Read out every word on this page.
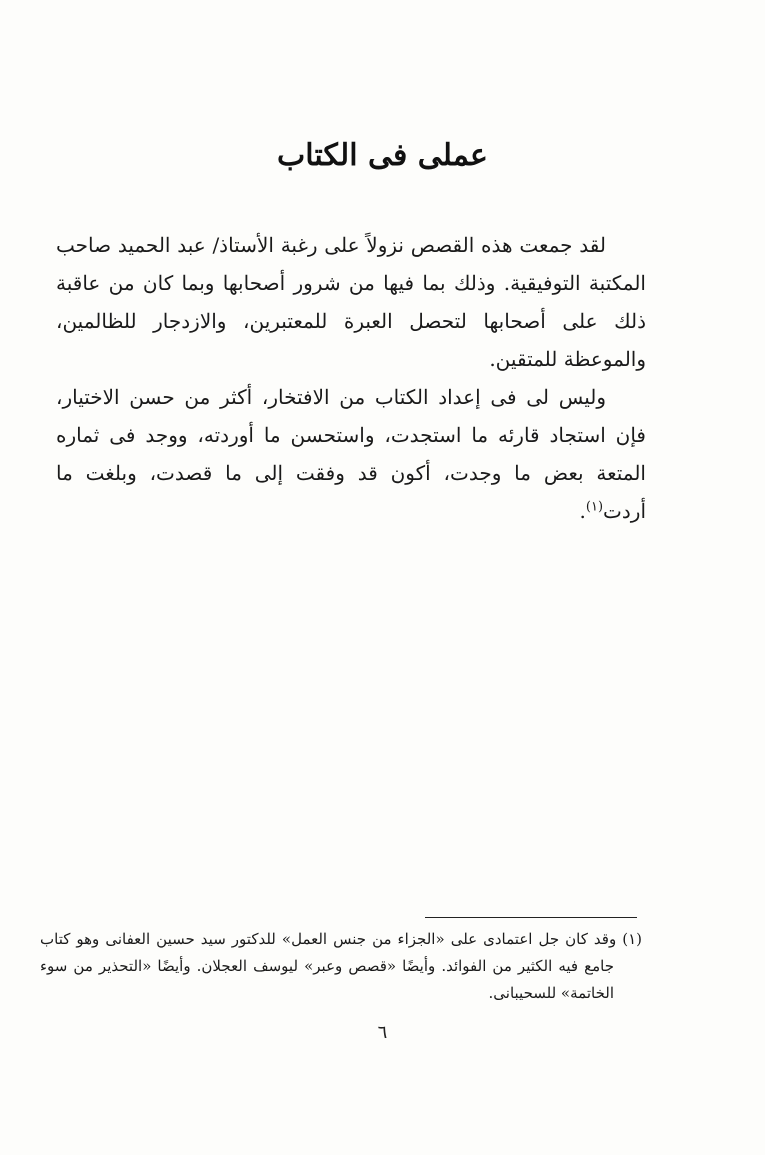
عملى فى الكتاب

لقد جمعت هذه القصص نزولاً على رغبة الأستاذ/ عبد الحميد صاحب المكتبة التوفيقية. وذلك بما فيها من شرور أصحابها وبما كان من عاقبة ذلك على أصحابها لتحصل العبرة للمعتبرين، والازدجار للظالمين، والموعظة للمتقين.

وليس لى فى إعداد الكتاب من الافتخار، أكثر من حسن الاختيار، فإن استجاد قارئه ما استجدت، واستحسن ما أوردته، ووجد فى ثماره المتعة بعض ما وجدت، أكون قد وفقت إلى ما قصدت، وبلغت ما أردت$^{(١)}$.

(١) وقد كان جل اعتمادى على «الجزاء من جنس العمل» للدكتور سيد حسين العفانى وهو كتاب جامع فيه الكثير من الفوائد. وأيضًا «قصص وعبر» ليوسف العجلان. وأيضًا «التحذير من سوء الخاتمة» للسحيبانى.

٦
